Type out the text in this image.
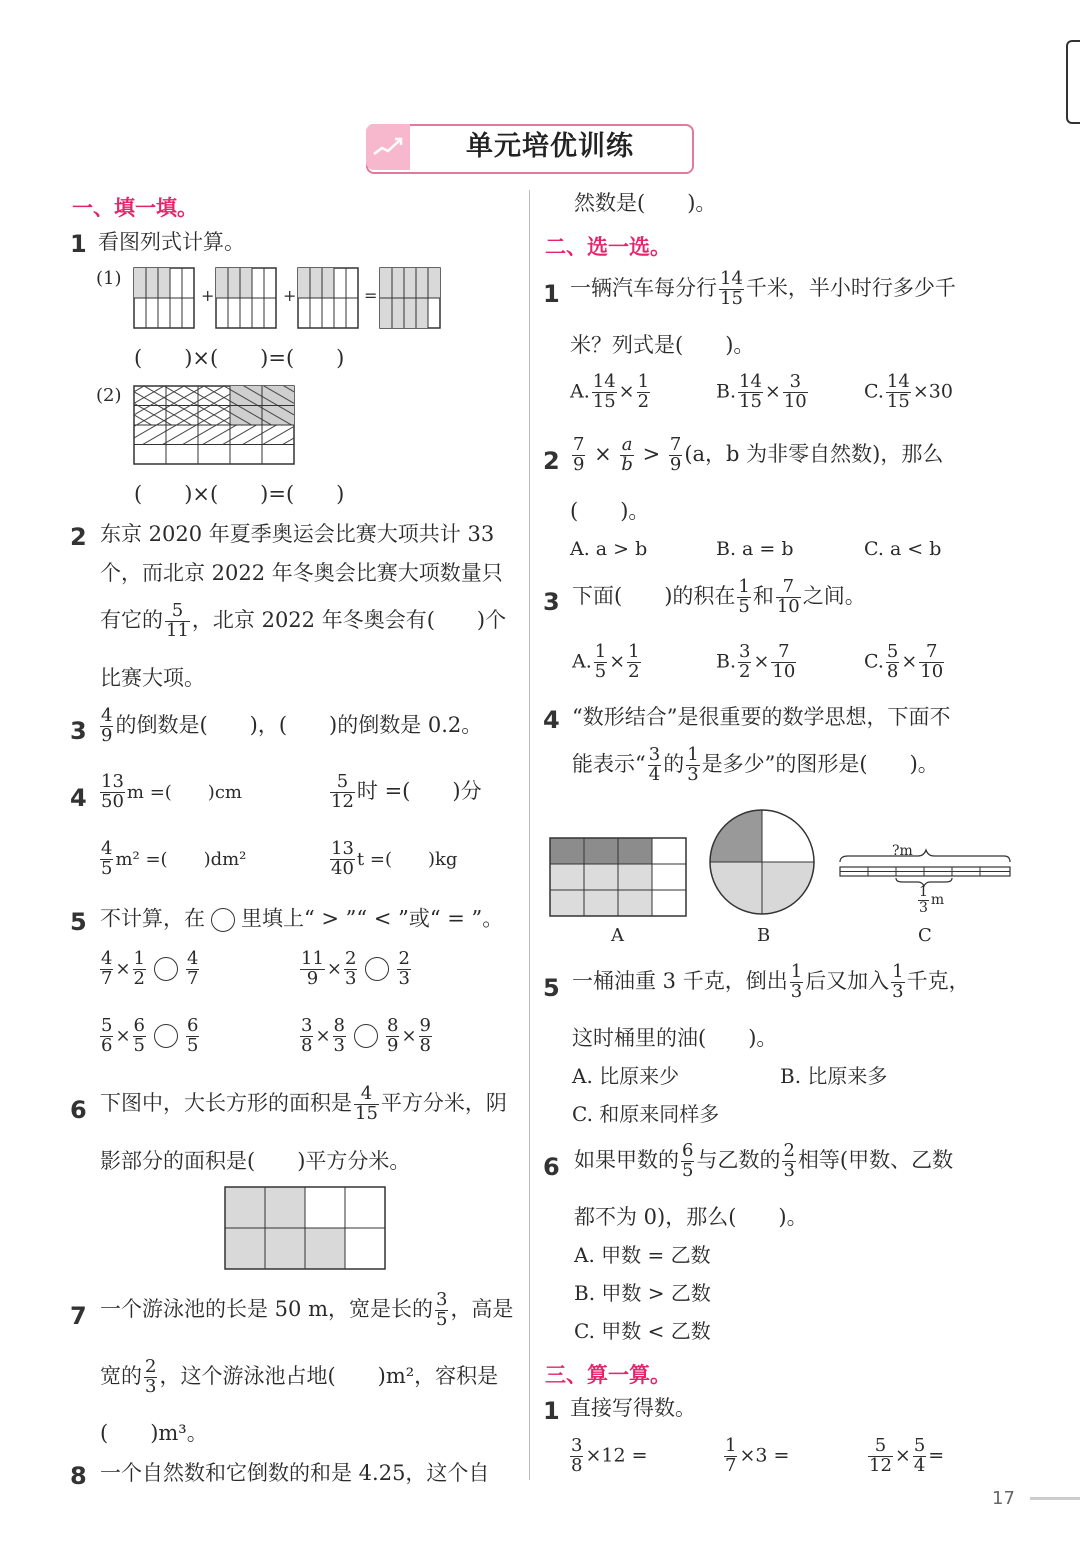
单元培优训练
一、填一填。
1 看图列式计算。
(1)
+	+	=
(　　)×(　　)=(　　)
(2)
(　　)×(　　)=(　　)
2 东京 2020 年夏季奥运会比赛大项共计 33
个，而北京 2022 年冬奥会比赛大项数量只
有它的 $\frac{5}{11}$ ，北京 2022 年冬奥会有(　　)个
比赛大项。
$3 \frac{4}{9}$ 的倒数是(　　)，(　　)的倒数是 0.2。
$4 \frac{13}{50}$ m =(　　)cm	$\frac{5}{12}$ 时 =(　　)分
$\frac{4}{5} m^2$ =(　　)dm²	$\frac{13}{40}$ t =(　　)kg
5 不计算，在 里填上“ > ”“ < ”或“ = ”。
$\frac{4}{7} \times \frac{1}{2} \frac{4}{7}$	$\frac{11}{9} \times \frac{2}{3} \frac{2}{3}$
$\frac{5}{6} \times \frac{6}{5} \frac{6}{5}$	$\frac{3}{8} \times \frac{8}{3} \frac{8}{9} \times \frac{9}{8}$
6 下图中，大长方形的面积是 $\frac{4}{15}$ 平方分米，阴
影部分的面积是(　　)平方分米。
7 一个游泳池的长是 50 m，宽是长的 $\frac{3}{5}$ ，高是
宽的 $\frac{2}{3}$ ，这个游泳池占地(　　)m²，容积是
(　　)m³。
8 一个自然数和它倒数的和是 4.25，这个自
然数是(　　)。
二、选一选。
1 一辆汽车每分行 $\frac{14}{15}$ 千米，半小时行多少千
米？列式是(　　)。
A. $\frac{14}{15} \times \frac{1}{2}$	B. $\frac{14}{15} \times \frac{3}{10}$	C. $\frac{14}{15} \times 30$
$2 \frac{7}{9} \times \frac{a}{b} > \frac{7}{9} (a$，b 为非零自然数)，那么
(　　)。
A. a > b	B. a = b	C. a < b
3 下面(　　)的积在 $\frac{1}{5}$ 和 $\frac{7}{10}$ 之间。
A. $\frac{1}{5} \times \frac{1}{2}$	B. $\frac{3}{2} \times \frac{7}{10}$	C. $\frac{5}{8} \times \frac{7}{10}$
4 “数形结合”是很重要的数学思想，下面不
能表示“ $\frac{3}{4}$ 的 $\frac{1}{3}$ 是多少”的图形是(　　)。
A	B
?m
$\frac{1}{3}$ m
C
5 一桶油重 3 千克，倒出 $\frac{1}{3}$ 后又加入 $\frac{1}{3}$ 千克，
这时桶里的油(　　)。
A. 比原来少	B. 比原来多
C. 和原来同样多
6 如果甲数的 $\frac{6}{5}$ 与乙数的 $\frac{2}{3}$ 相等(甲数、乙数
都不为 0)，那么(　　)。
A. 甲数 = 乙数
B. 甲数 > 乙数
C. 甲数 < 乙数
三、算一算。
1 直接写得数。
$\frac{3}{8} \times 12$ =	$\frac{1}{7} \times 3$ =	$\frac{5}{12} \times \frac{5}{4}$ =
17
